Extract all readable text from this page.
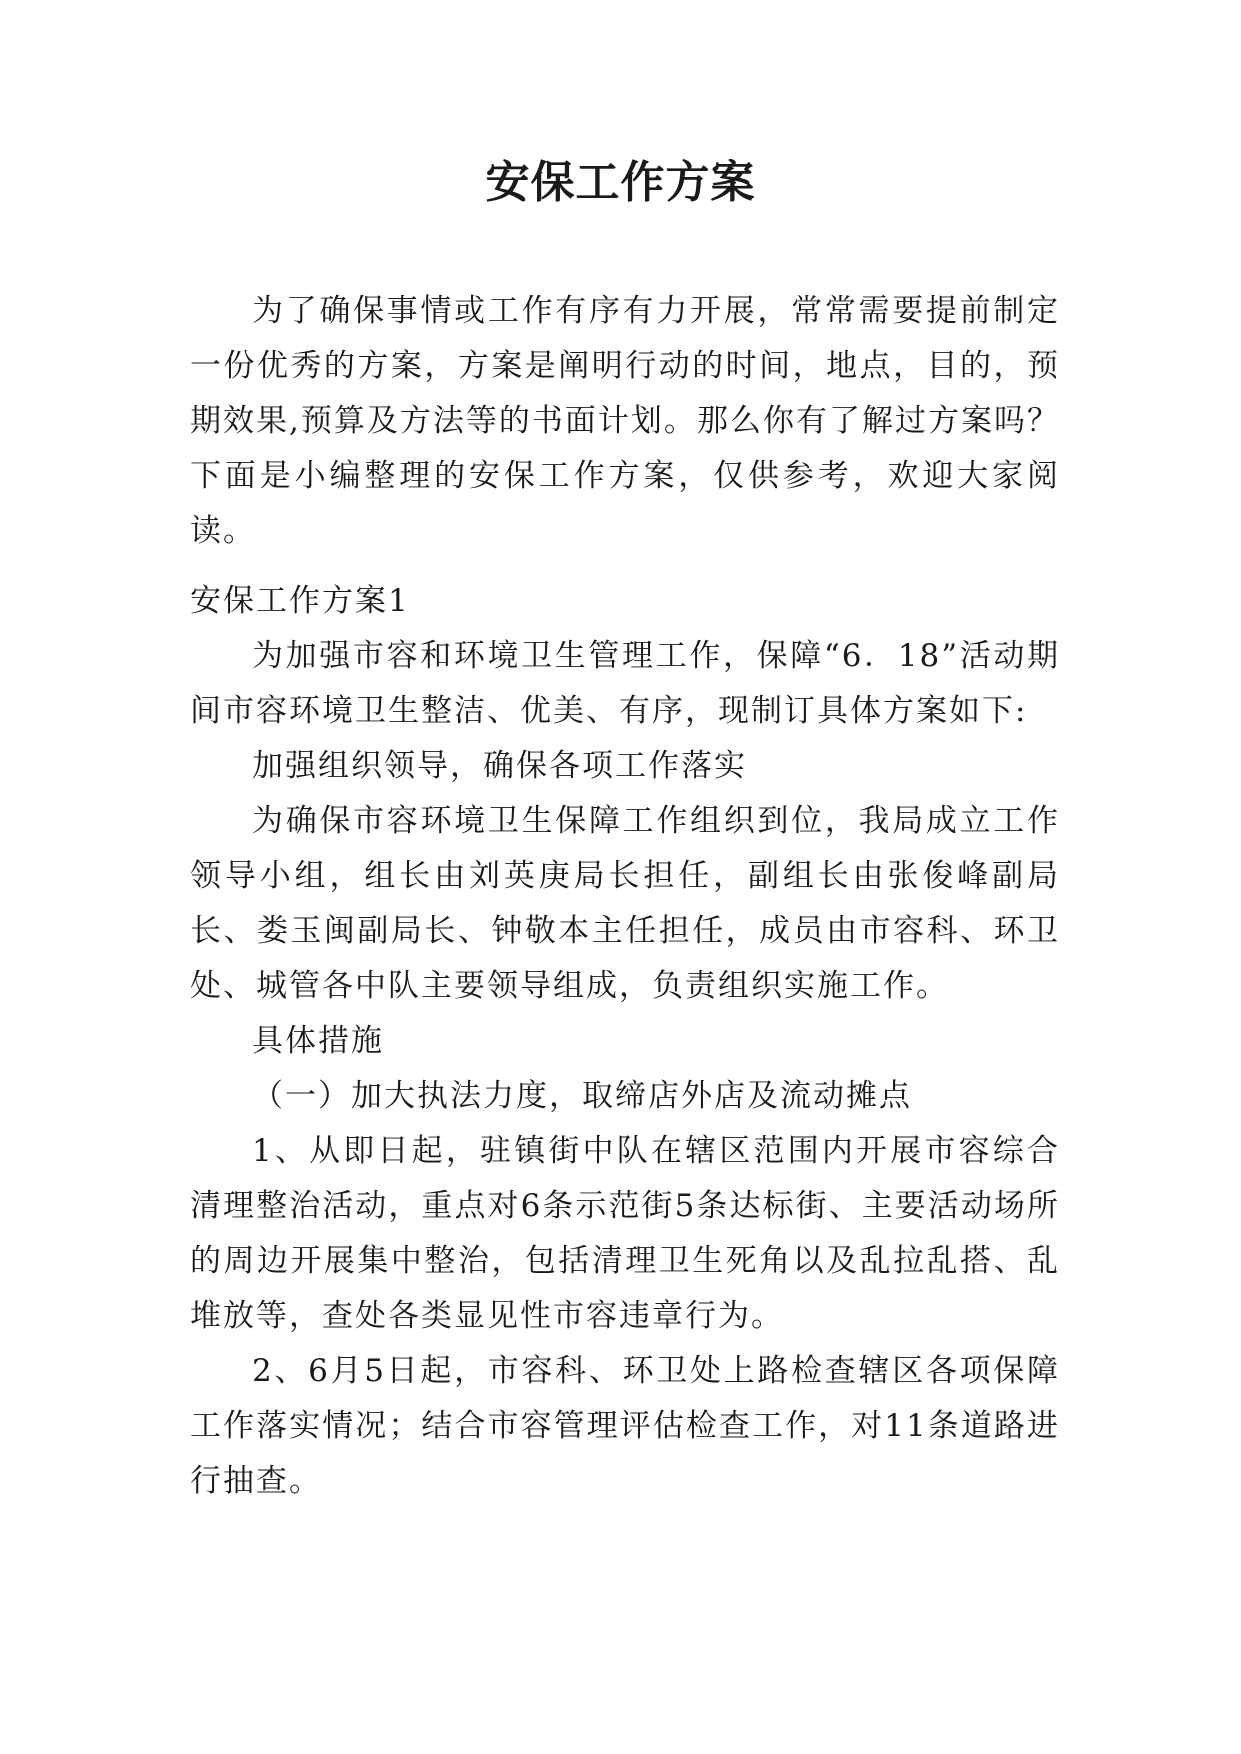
安保工作方案

为了确保事情或工作有序有力开展，常常需要提前制定一份优秀的方案，方案是阐明行动的时间，地点，目的，预期效果,预算及方法等的书面计划。那么你有了解过方案吗？下面是小编整理的安保工作方案，仅供参考，欢迎大家阅读。

安保工作方案1

为加强市容和环境卫生管理工作，保障“6．18”活动期间市容环境卫生整洁、优美、有序，现制订具体方案如下:

加强组织领导，确保各项工作落实

为确保市容环境卫生保障工作组织到位，我局成立工作领导小组，组长由刘英庚局长担任，副组长由张俊峰副局长、娄玉闽副局长、钟敬本主任担任，成员由市容科、环卫处、城管各中队主要领导组成，负责组织实施工作。

具体措施

（一）加大执法力度，取缔店外店及流动摊点

1、从即日起，驻镇街中队在辖区范围内开展市容综合清理整治活动，重点对6条示范街5条达标街、主要活动场所的周边开展集中整治，包括清理卫生死角以及乱拉乱搭、乱堆放等，查处各类显见性市容违章行为。

2、6月5日起，市容科、环卫处上路检查辖区各项保障工作落实情况；结合市容管理评估检查工作，对11条道路进行抽查。
